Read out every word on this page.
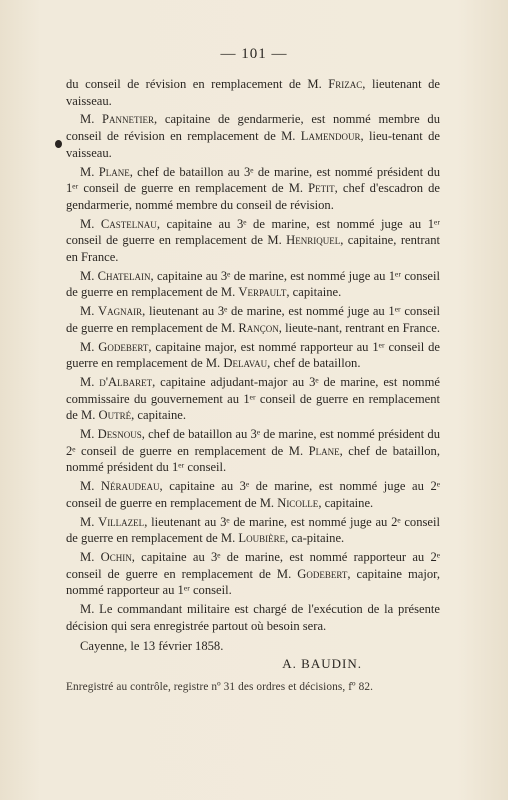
— 101 —
du conseil de révision en remplacement de M. Frizac, lieutenant de vaisseau.
M. Pannetier, capitaine de gendarmerie, est nommé membre du conseil de révision en remplacement de M. Lamendour, lieu-tenant de vaisseau.
M. Plane, chef de bataillon au 3ᵉ de marine, est nommé président du 1ᵉʳ conseil de guerre en remplacement de M. Petit, chef d'escadron de gendarmerie, nommé membre du conseil de révision.
M. Castelnau, capitaine au 3ᵉ de marine, est nommé juge au 1ᵉʳ conseil de guerre en remplacement de M. Henriquel, capitaine, rentrant en France.
M. Chatelain, capitaine au 3ᵉ de marine, est nommé juge au 1ᵉʳ conseil de guerre en remplacement de M. Verpault, capitaine.
M. Vagnair, lieutenant au 3ᵉ de marine, est nommé juge au 1ᵉʳ conseil de guerre en remplacement de M. Rançon, lieute-nant, rentrant en France.
M. Godebert, capitaine major, est nommé rapporteur au 1ᵉʳ conseil de guerre en remplacement de M. Delavau, chef de bataillon.
M. d'Albaret, capitaine adjudant-major au 3ᵉ de marine, est nommé commissaire du gouvernement au 1ᵉʳ conseil de guerre en remplacement de M. Outré, capitaine.
M. Desnous, chef de bataillon au 3ᵉ de marine, est nommé président du 2ᵉ conseil de guerre en remplacement de M. Plane, chef de bataillon, nommé président du 1ᵉʳ conseil.
M. Néraudeau, capitaine au 3ᵉ de marine, est nommé juge au 2ᵉ conseil de guerre en remplacement de M. Nicolle, capitaine.
M. Villazel, lieutenant au 3ᵉ de marine, est nommé juge au 2ᵉ conseil de guerre en remplacement de M. Loubière, ca-pitaine.
M. Ochin, capitaine au 3ᵉ de marine, est nommé rapporteur au 2ᵉ conseil de guerre en remplacement de M. Godebert, capitaine major, nommé rapporteur au 1ᵉʳ conseil.
M. Le commandant militaire est chargé de l'exécution de la présente décision qui sera enregistrée partout où besoin sera.
Cayenne, le 13 février 1858.
A. BAUDIN.
Enregistré au contrôle, registre nº 31 des ordres et décisions, fº 82.
